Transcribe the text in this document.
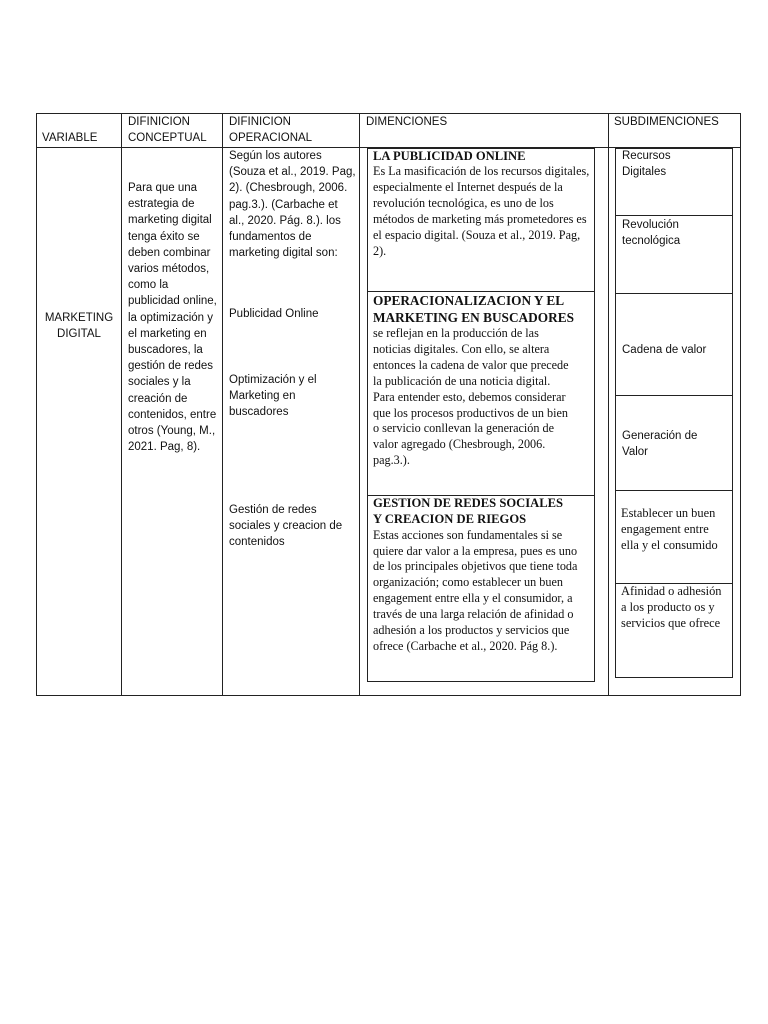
VARIABLE
DIFINICION CONCEPTUAL
DIFINICION OPERACIONAL
DIMENCIONES	SUBDIMENCIONES
MARKETING DIGITAL
Para que una estrategia de marketing digital tenga éxito se deben combinar varios métodos, como la publicidad online, la optimización y el marketing en buscadores, la gestión de redes sociales y la creación de contenidos, entre otros (Young, M., 2021. Pag, 8).
Según los autores (Souza et al., 2019. Pag, 2). (Chesbrough, 2006. pag.3.). (Carbache et al., 2020. Pág. 8.). los fundamentos de marketing digital son:
Publicidad Online
Optimización y el Marketing en buscadores
Gestión de redes sociales y creacion de contenidos
LA PUBLICIDAD ONLINE
Es La masificación de los recursos digitales, especialmente el Internet después de la revolución tecnológica, es uno de los métodos de marketing más prometedores es el espacio digital. (Souza et al., 2019. Pag, 2).
OPERACIONALIZACION Y EL MARKETING EN BUSCADORES
se reflejan en la producción de las noticias digitales. Con ello, se altera entonces la cadena de valor que precede la publicación de una noticia digital. Para entender esto, debemos considerar que los procesos productivos de un bien o servicio conllevan la generación de valor agregado (Chesbrough, 2006. pag.3.).
GESTION DE REDES SOCIALES Y CREACION DE RIEGOS
Estas acciones son fundamentales si se quiere dar valor a la empresa, pues es uno de los principales objetivos que tiene toda organización; como establecer un buen engagement entre ella y el consumidor, a través de una larga relación de afinidad o adhesión a los productos y servicios que ofrece (Carbache et al., 2020. Pág 8.).
Recursos Digitales
Revolución tecnológica
Cadena de valor
Generación de Valor
Establecer un buen engagement entre ella y el consumido
Afinidad o adhesión a los producto os y servicios que ofrece
